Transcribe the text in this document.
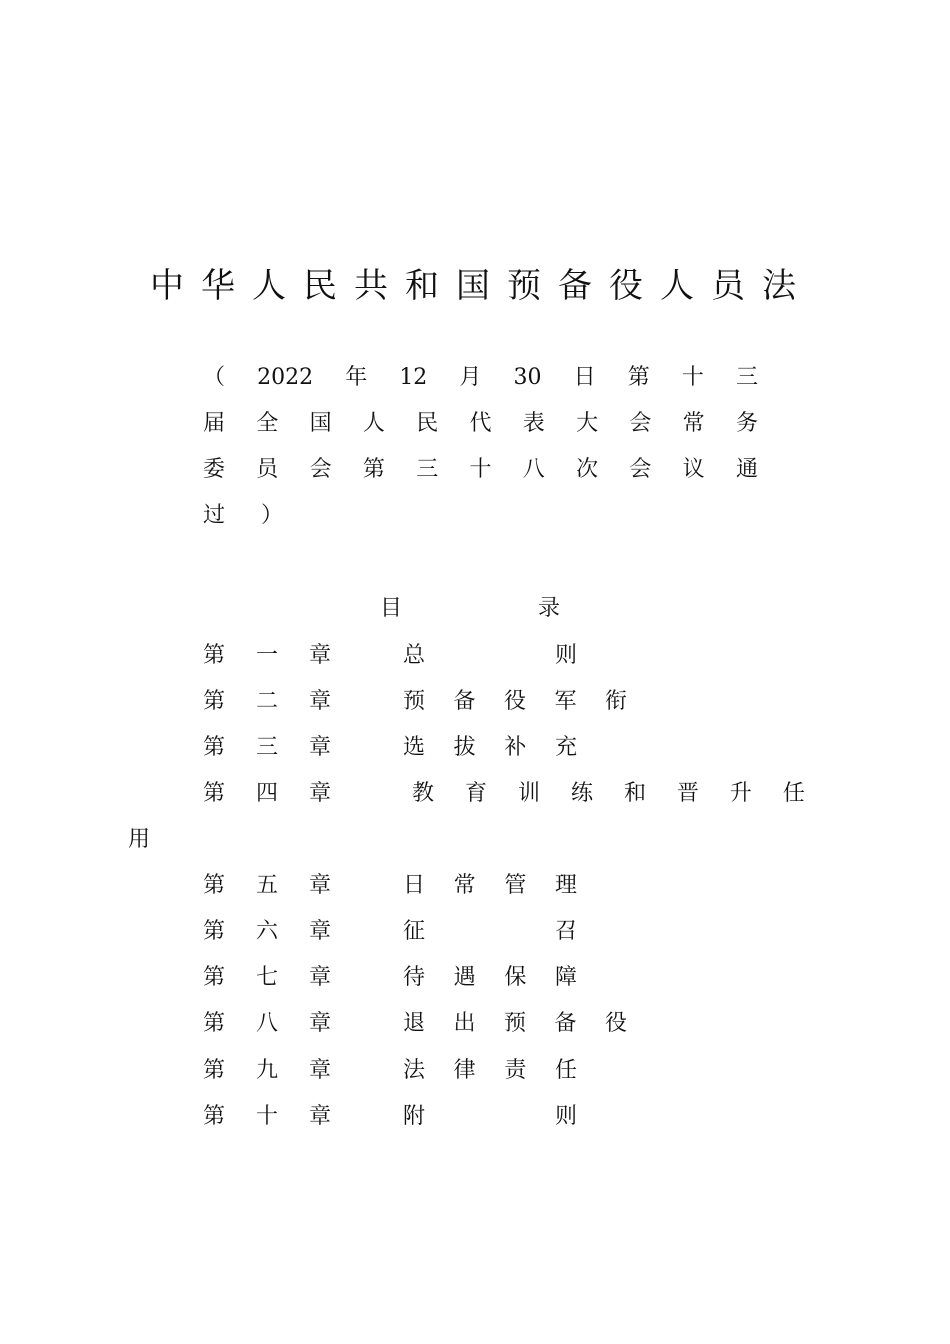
中华人民共和国预备役人员法
（ 2022 年 12 月 30 日 第 十 三
届 全 国 人 民 代 表 大 会 常 务
委 员 会 第 三 十 八 次 会 议 通
过 ）
目	录
第 一 章	总	则
第 二 章	预 备 役 军 衔
第 三 章	选 拔 补 充
第 四 章	教 育 训 练 和 晋 升 任
用
第 五 章	日 常 管 理
第 六 章	征	召
第 七 章	待 遇 保 障
第 八 章	退 出 预 备 役
第 九 章	法 律 责 任
第 十 章	附	则
